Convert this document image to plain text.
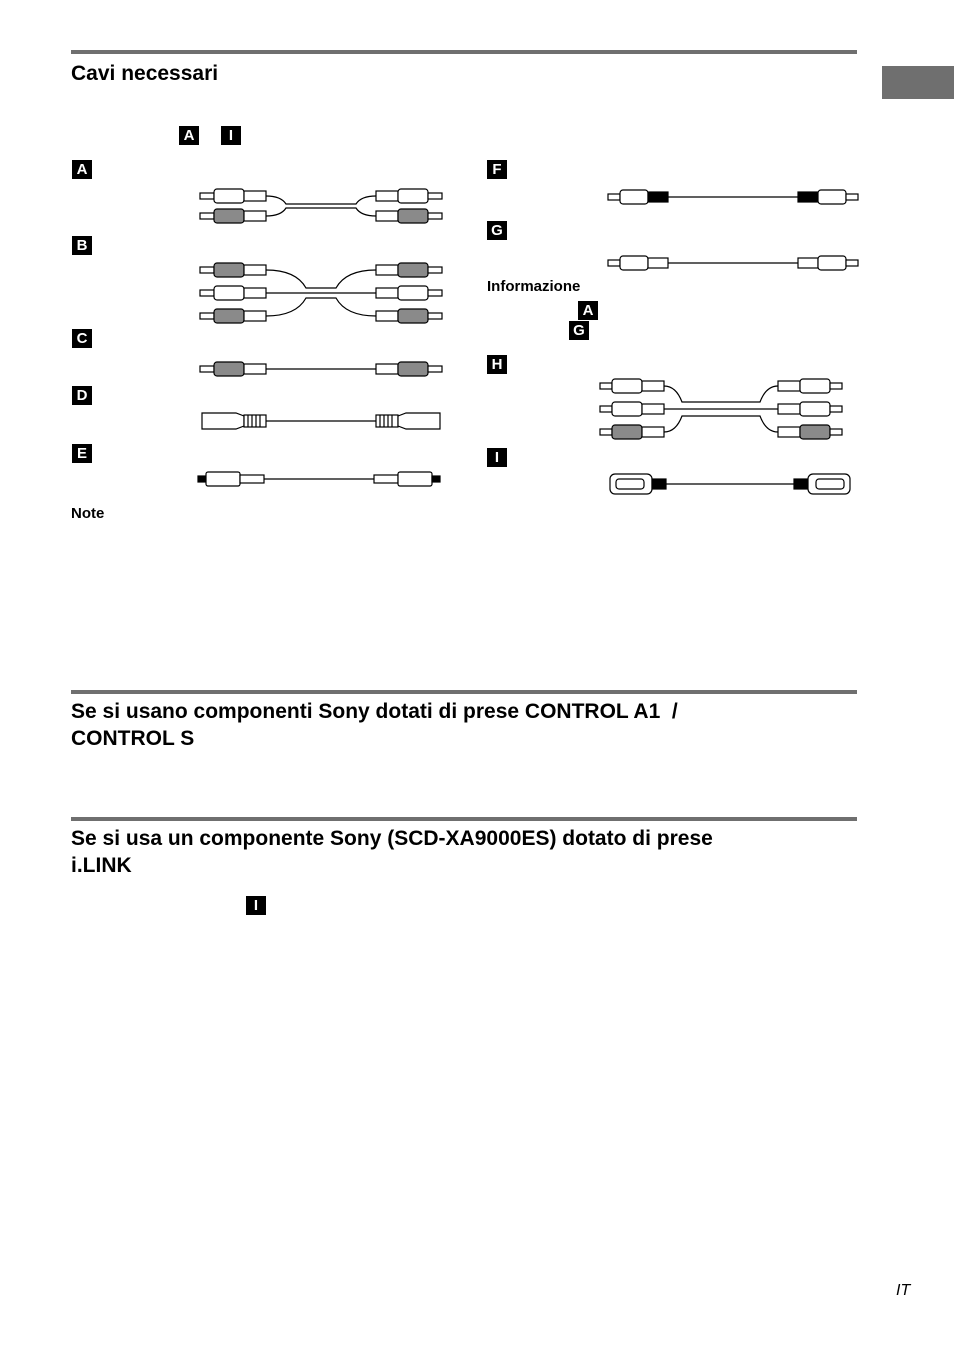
Cavi necessari
A	I
A
B
C
D
E
F
G
H
I
Informazione
A
G
Note
Se si usano componenti Sony dotati di prese CONTROL A1  /
CONTROL S
Se si usa un componente Sony (SCD-XA9000ES) dotato di prese
i.LINK
I
IT
